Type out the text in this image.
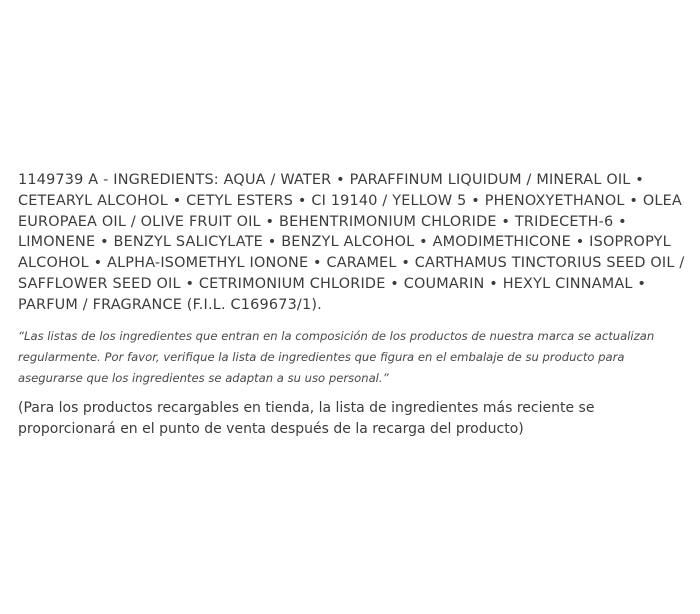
1149739 A - INGREDIENTS: AQUA / WATER • PARAFFINUM LIQUIDUM / MINERAL OIL • CETEARYL ALCOHOL • CETYL ESTERS • CI 19140 / YELLOW 5 • PHENOXYETHANOL • OLEA EUROPAEA OIL / OLIVE FRUIT OIL • BEHENTRIMONIUM CHLORIDE • TRIDECETH-6 • LIMONENE • BENZYL SALICYLATE • BENZYL ALCOHOL • AMODIMETHICONE • ISOPROPYL ALCOHOL • ALPHA-ISOMETHYL IONONE • CARAMEL • CARTHAMUS TINCTORIUS SEED OIL / SAFFLOWER SEED OIL • CETRIMONIUM CHLORIDE • COUMARIN • HEXYL CINNAMAL • PARFUM / FRAGRANCE (F.I.L. C169673/1).

“Las listas de los ingredientes que entran en la composición de los productos de nuestra marca se actualizan regularmente. Por favor, verifique la lista de ingredientes que figura en el embalaje de su producto para asegurarse que los ingredientes se adaptan a su uso personal.”

(Para los productos recargables en tienda, la lista de ingredientes más reciente se proporcionará en el punto de venta después de la recarga del producto)
